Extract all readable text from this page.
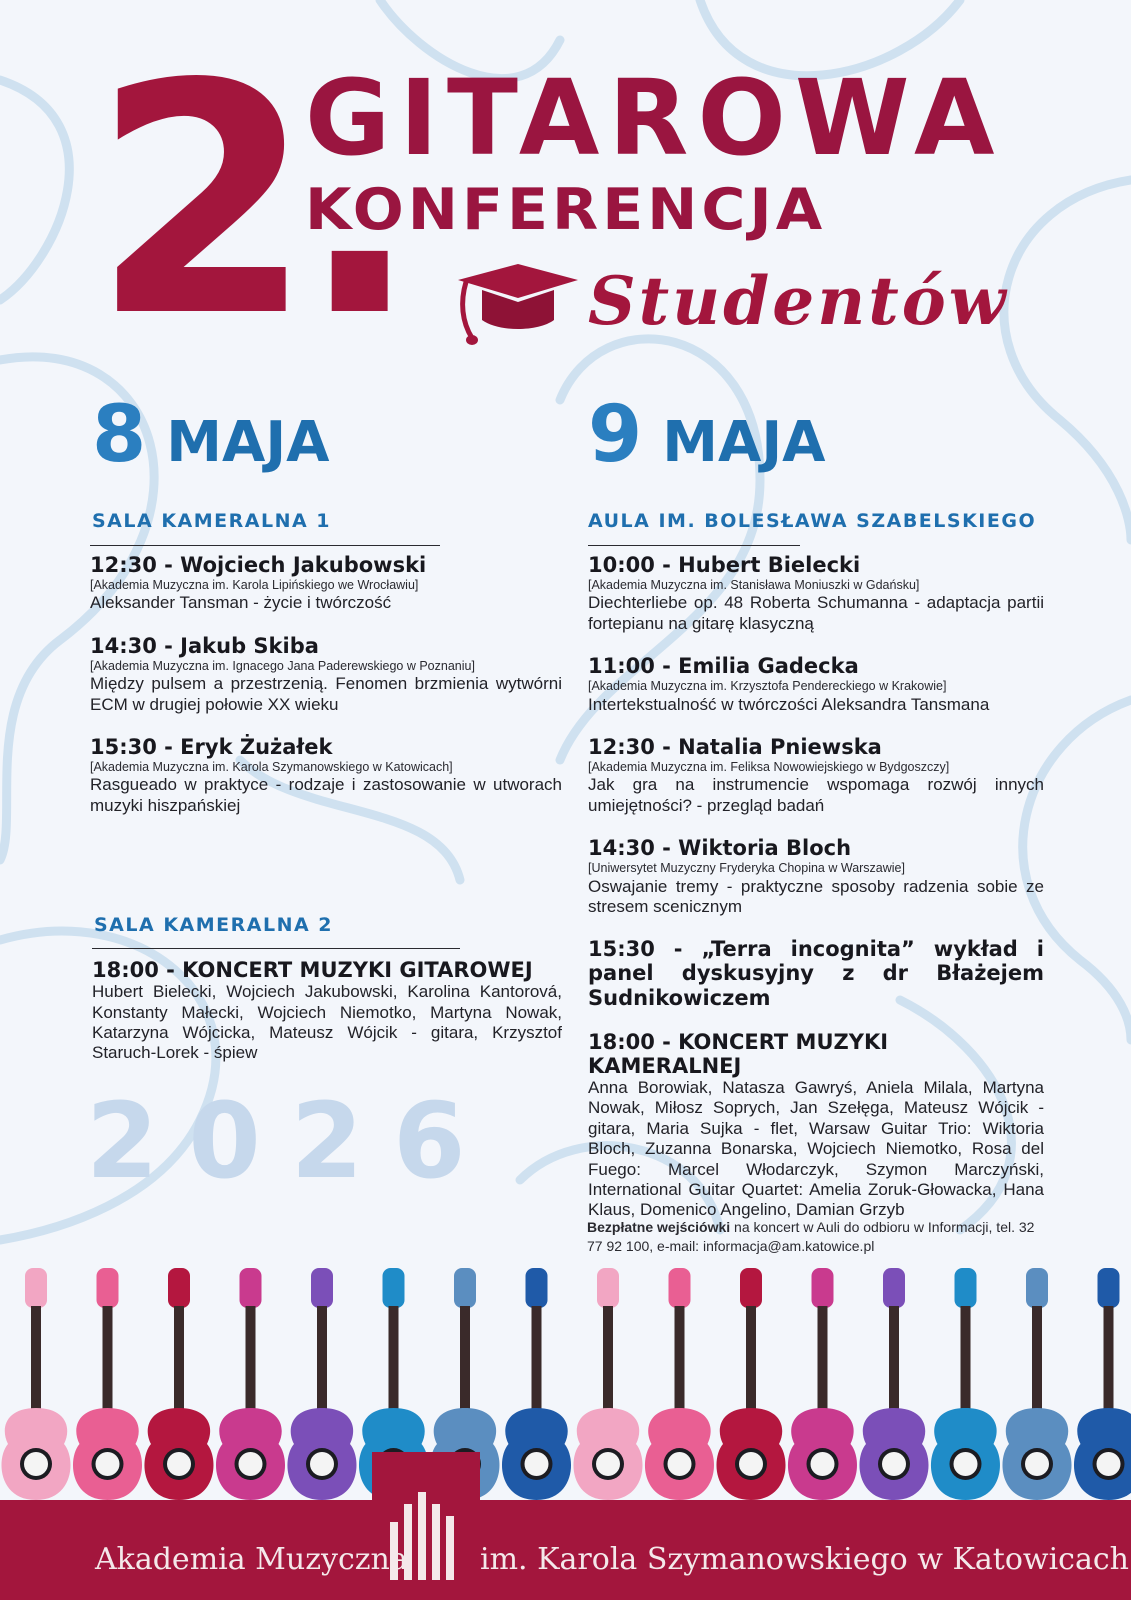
2.
GITAROWA
KONFERENCJA
Studentów
8 MAJA
SALA KAMERALNA 1
12:30 - Wojciech Jakubowski
[Akademia Muzyczna im. Karola Lipińskiego we Wrocławiu]
Aleksander Tansman - życie i twórczość
14:30 - Jakub Skiba
[Akademia Muzyczna im. Ignacego Jana Paderewskiego w Poznaniu]
Między pulsem a przestrzenią. Fenomen brzmienia wytwórni ECM w drugiej połowie XX wieku
15:30 - Eryk Żużałek
[Akademia Muzyczna im. Karola Szymanowskiego w Katowicach]
Rasgueado w praktyce - rodzaje i zastosowanie w utworach muzyki hiszpańskiej
SALA KAMERALNA 2
18:00 - KONCERT MUZYKI GITAROWEJ
Hubert Bielecki, Wojciech Jakubowski, Karolina Kantorová, Konstanty Małecki, Wojciech Niemotko, Martyna Nowak, Katarzyna Wójcicka, Mateusz Wójcik - gitara, Krzysztof Staruch-Lorek - śpiew
2026
9 MAJA
AULA IM. BOLESŁAWA SZABELSKIEGO
10:00 - Hubert Bielecki
[Akademia Muzyczna im. Stanisława Moniuszki w Gdańsku]
Diechterliebe op. 48 Roberta Schumanna - adaptacja partii fortepianu na gitarę klasyczną
11:00 - Emilia Gadecka
[Akademia Muzyczna im. Krzysztofa Pendereckiego w Krakowie]
Intertekstualność w twórczości Aleksandra Tansmana
12:30 - Natalia Pniewska
[Akademia Muzyczna im. Feliksa Nowowiejskiego w Bydgoszczy]
Jak gra na instrumencie wspomaga rozwój innych umiejętności? - przegląd badań
14:30 - Wiktoria Bloch
[Uniwersytet Muzyczny Fryderyka Chopina w Warszawie]
Oswajanie tremy - praktyczne sposoby radzenia sobie ze stresem scenicznym
15:30 - „Terra incognita” wykład i panel dyskusyjny z dr Błażejem Sudnikowiczem
18:00 - KONCERT MUZYKI KAMERALNEJ
Anna Borowiak, Natasza Gawryś, Aniela Milala, Martyna Nowak, Miłosz Soprych, Jan Szełęga, Mateusz Wójcik - gitara, Maria Sujka - flet, Warsaw Guitar Trio: Wiktoria Bloch, Zuzanna Bonarska, Wojciech Niemotko, Rosa del Fuego: Marcel Włodarczyk, Szymon Marczyński, International Guitar Quartet: Amelia Zoruk-Głowacka, Hana Klaus, Domenico Angelino, Damian Grzyb
Bezpłatne wejściówki na koncert w Auli do odbioru w Informacji, tel. 32 77 92 100, e-mail: informacja@am.katowice.pl
Akademia Muzyczna im. Karola Szymanowskiego w Katowicach
